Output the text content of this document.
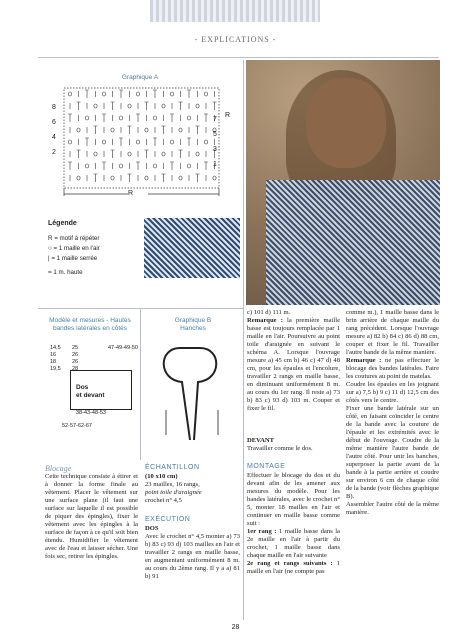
- EXPLICATIONS -
Graphique A
8
6
4
2
7
5
3
1
R
R
Légende
R = motif à répéter
○ = 1 maille en l'air
| = 1 maille serrée
= 1 m. haute
Modèle et mesures - Hautes bandes latérales en côtés
Dos
et devant
14,5
16
18
19,5
25
26
26
28
47-49-49-50
38-43-48-53
52-57-62-67
Graphique B
Hanches
Blocage
Cette technique consiste à étirer et à donner la forme finale au vêtement. Placer le vêtement sur une surface plane (il faut une surface sur laquelle il est possible de piquer des épingles), fixer le vêtement avec les épingles à la surface de façon à ce qu'il soit bien étendu. Humidifier le vêtement avec de l'eau et laisser sécher. Une fois sec, retirer les épingles.
ÉCHANTILLON
(10 x10 cm)
23 mailles, 16 rangs,
point toile d'araignée
crochet n° 4,5
EXÉCUTION
DOS
Avec le crochet n° 4,5 monter a) 73 b) 83 c) 93 d) 103 mailles en l'air et travailler 2 rangs en maille basse, en augmentant uniformément 8 m. au cours du 2ème rang. Il y a a) 81 b) 91
c) 101 d) 111 m.
Remarque : la première maille basse est toujours remplacée par 1 maille en l'air. Poursuivre au point toile d'araignée en suivant le schéma A. Lorsque l'ouvrage mesure a) 45 cm b) 46 c) 47 d) 48 cm, pour les épaules et l'encolure, travailler 2 rangs en maille basse, en diminuant uniformément 8 m. au cours du 1er rang. Il reste a) 73 b) 83 c) 93 d) 103 m. Couper et fixer le fil.
DEVANT
Travailler comme le dos.
MONTAGE
Effectuer le blocage du dos et du devant afin de les amener aux mesures du modèle. Pour les bandes latérales, avec le crochet n° 5, monter 18 mailles en l'air et continuer en maille basse comme suit :
1er rang : 1 maille basse dans la 2e maille en l'air à partir du crochet, 1 maille basse dans chaque maille en l'air suivante
2e rang et rangs suivants : 1 maille en l'air (ne compte pas
comme m.), 1 maille basse dans le brin arrière de chaque maille du rang précédent. Lorsque l'ouvrage mesure a) 82 b) 84 c) 86 d) 88 cm, couper et fixer le fil. Travailler l'autre bande de la même manière.
Remarque : ne pas effectuer le blocage des bandes latérales. Faire les coutures au point de matelas.
Coudre les épaules en les joignant sur a) 7,5 b) 9 c) 11 d) 12,5 cm des côtés vers le centre.
Fixer une bande latérale sur un côté, en faisant coïncider le centre de la bande avec la couture de l'épaule et les extrémités avec le début de l'ouvrage. Coudre de la même manière l'autre bande de l'autre côté. Pour unir les hanches, superposer la partie avant de la bande à la partie arrière et coudre sur environ 6 cm de chaque côté de la bande (voir flèches graphique B).
Assembler l'autre côté de la même manière.
28
